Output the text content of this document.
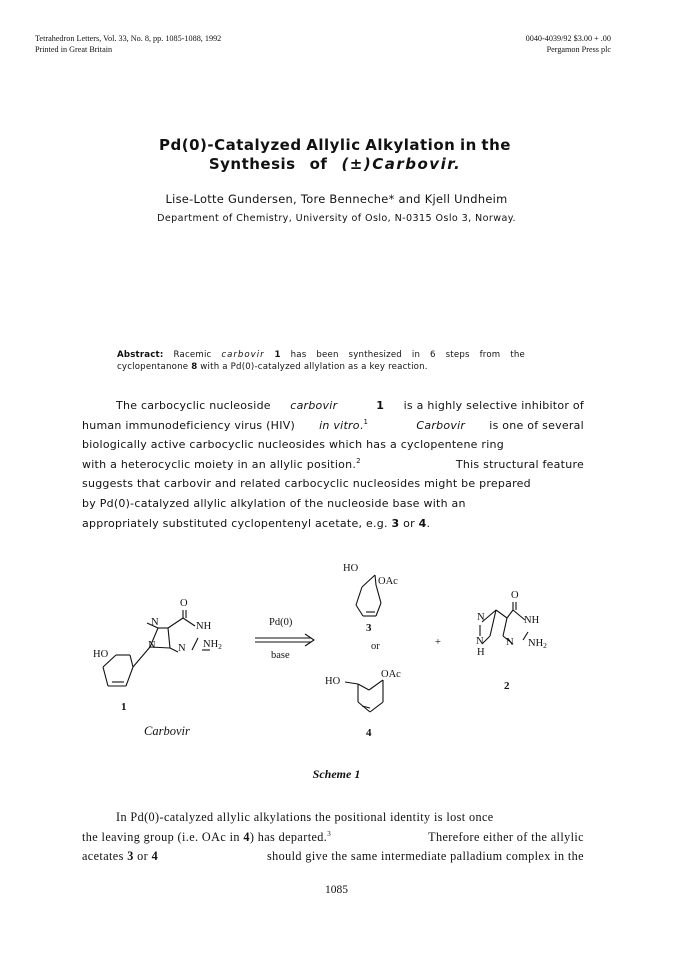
Tetrahedron Letters, Vol. 33, No. 8, pp. 1085-1088, 1992
Printed in Great Britain
0040-4039/92 $3.00 + .00
Pergamon Press plc
Pd(0)-Catalyzed Allylic Alkylation in the
Synthesis of (±)Carbovir.
Lise-Lotte Gundersen, Tore Benneche* and Kjell Undheim
Department of Chemistry, University of Oslo, N-0315 Oslo 3, Norway.
Abstract: Racemic carbovir 1 has been synthesized in 6 steps from the cyclopentanone 8 with a Pd(0)-catalyzed allylation as a key reaction.
The carbocyclic nucleoside carbovir	1 is a highly selective inhibitor of
human immunodeficiency virus (HIV) in vitro.$^1$	Carbovir is one of several
biologically active carbocyclic nucleosides which has a cyclopentene ring
with a heterocyclic moiety in an allylic position.$^2$	This structural feature
suggests that carbovir and related carbocyclic nucleosides might be prepared
by Pd(0)-catalyzed allylic alkylation of the nucleoside base with an
appropriately substituted cyclopentenyl acetate, e.g. 3 or 4.
O
N	NH
N N $NH_2$
HO
1
Carbovir
Pd(0)
base
HO
OAc
3
or	+
HO
OAc
4
O
N	NH
N
H
N $NH_2$
2
Scheme 1
In Pd(0)-catalyzed allylic alkylations the positional identity is lost once
the leaving group (i.e. OAc in 4) has departed.$^3$	Therefore either of the allylic
acetates 3 or 4	should give the same intermediate palladium complex in the
1085
